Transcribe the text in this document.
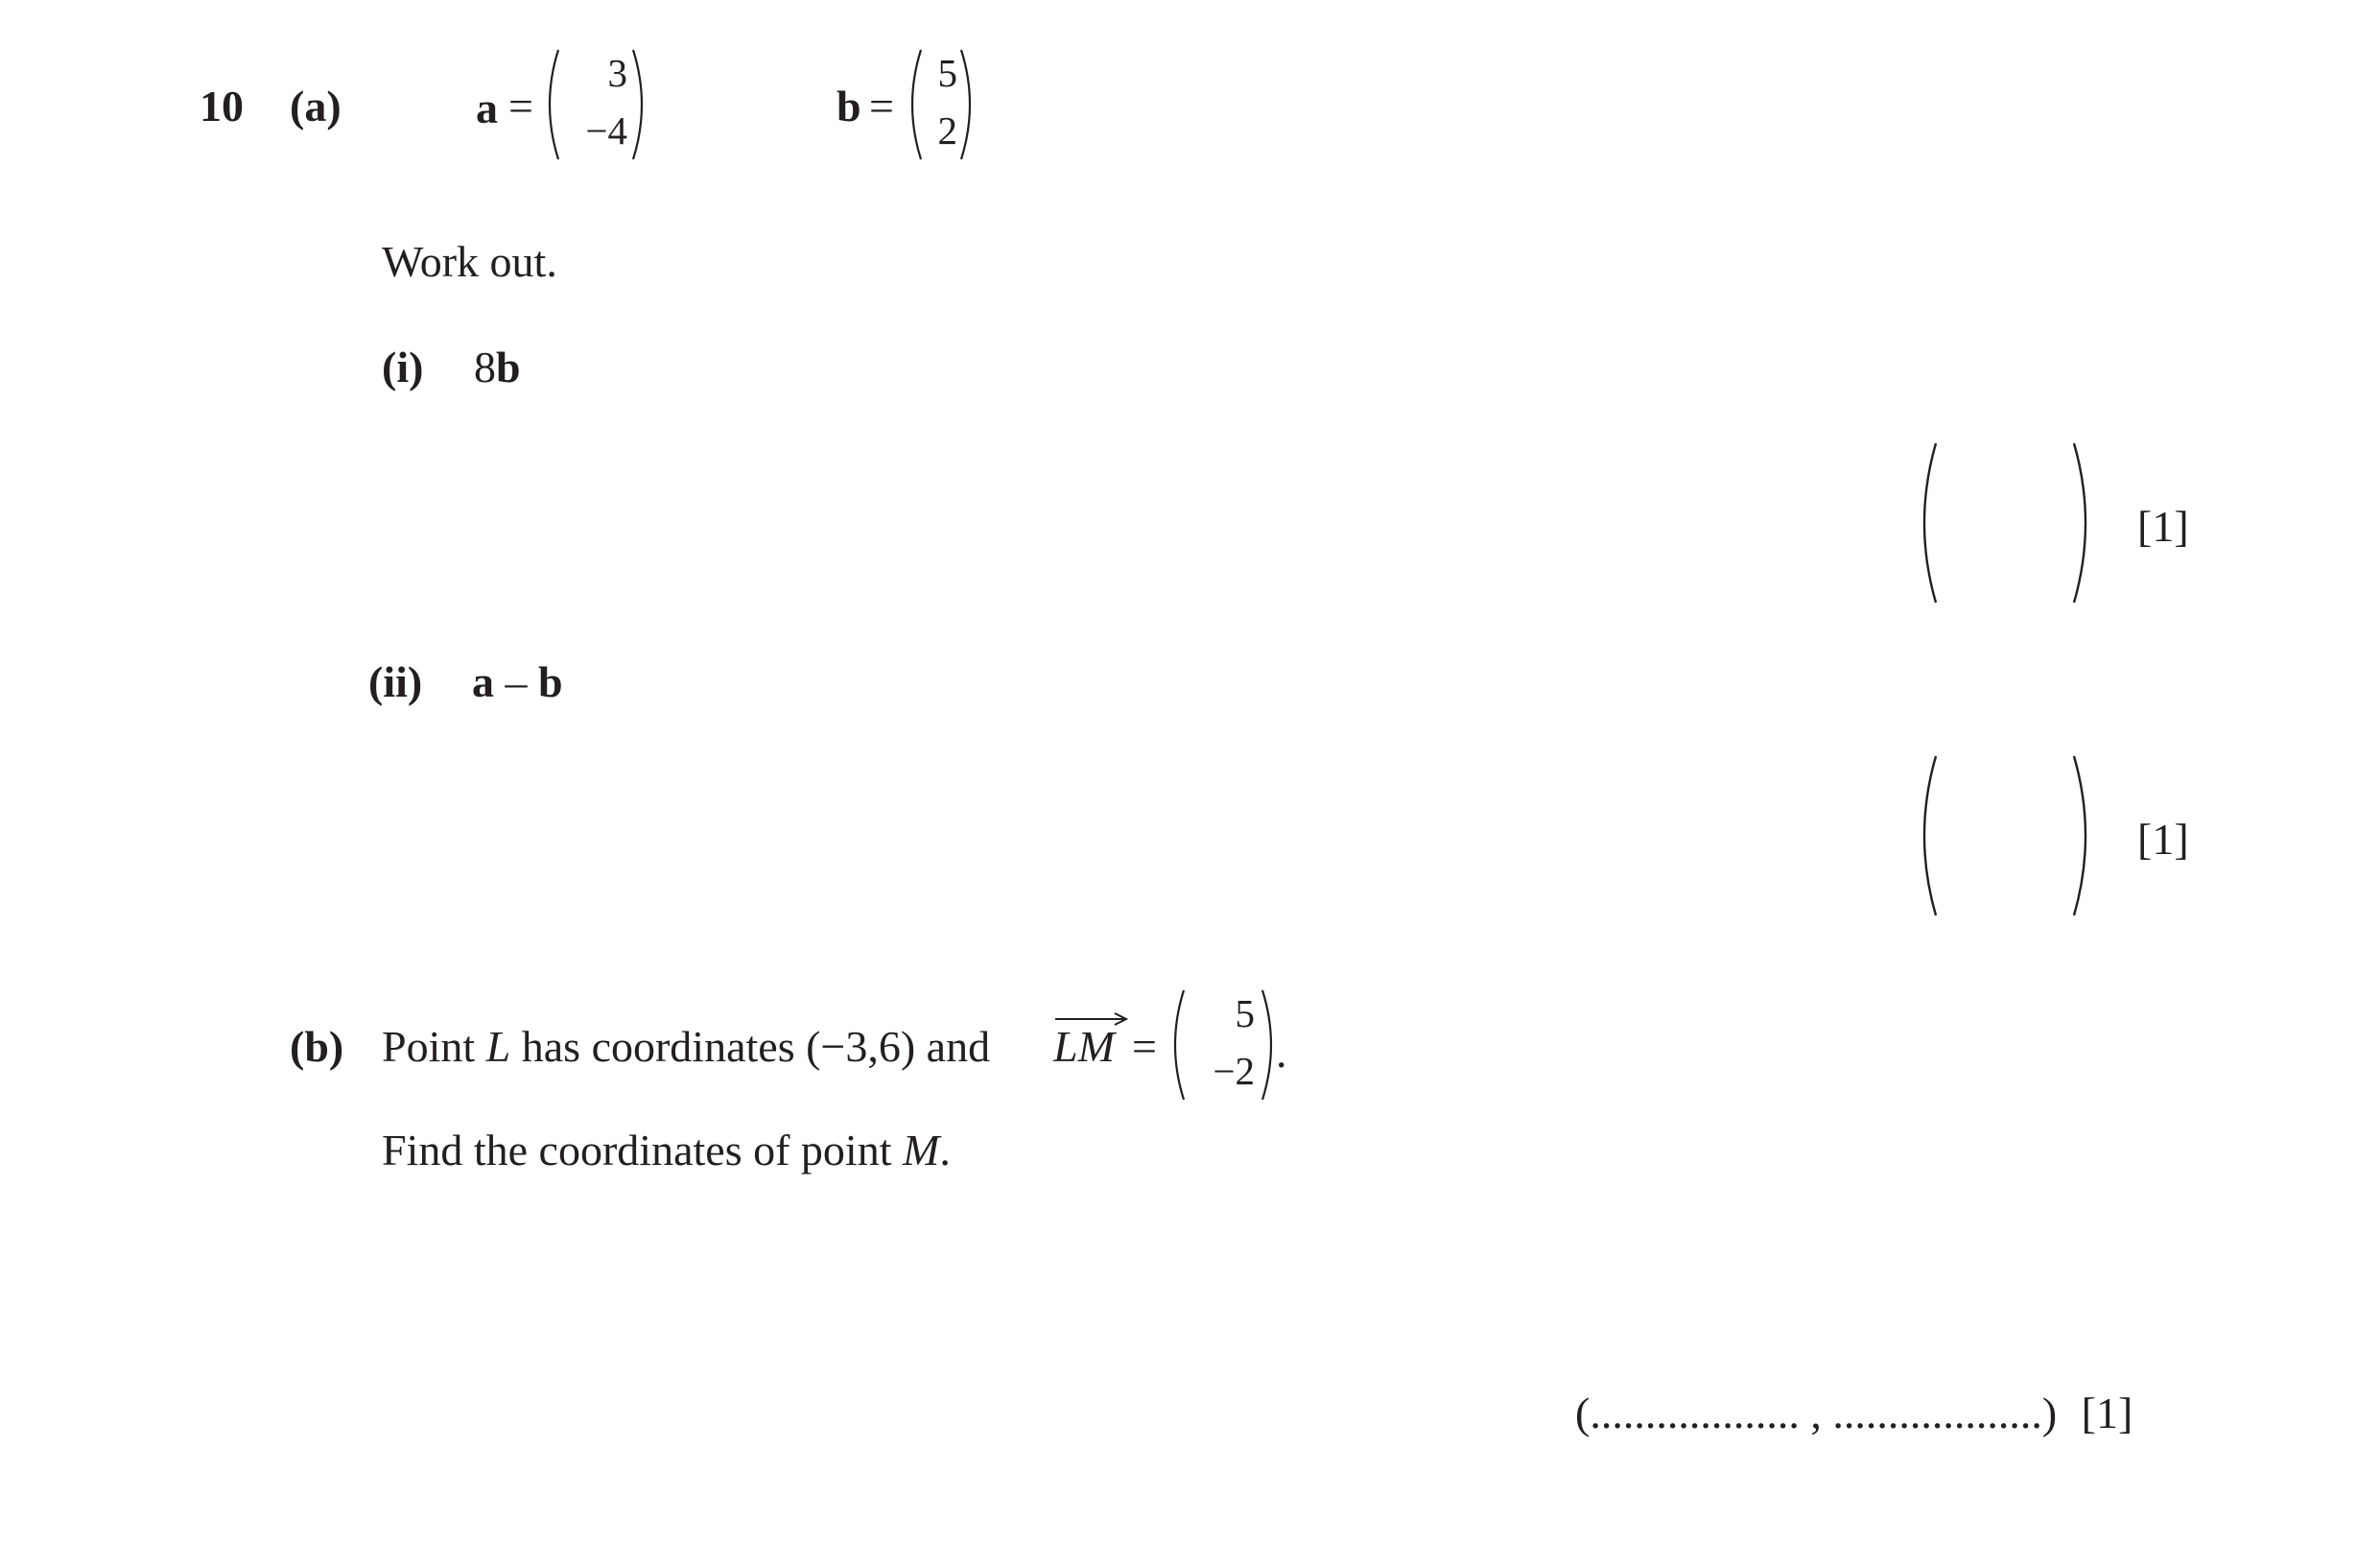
10 (a)	a =
3
−4	b =
5
2
Work out.
(i) 8b
[1]
(ii) a – b
[1]
(b) Point L has coordinates (−3,6) and LM =
5
−2 .
Find the coordinates of point M.
(................... , ...................) [1]
